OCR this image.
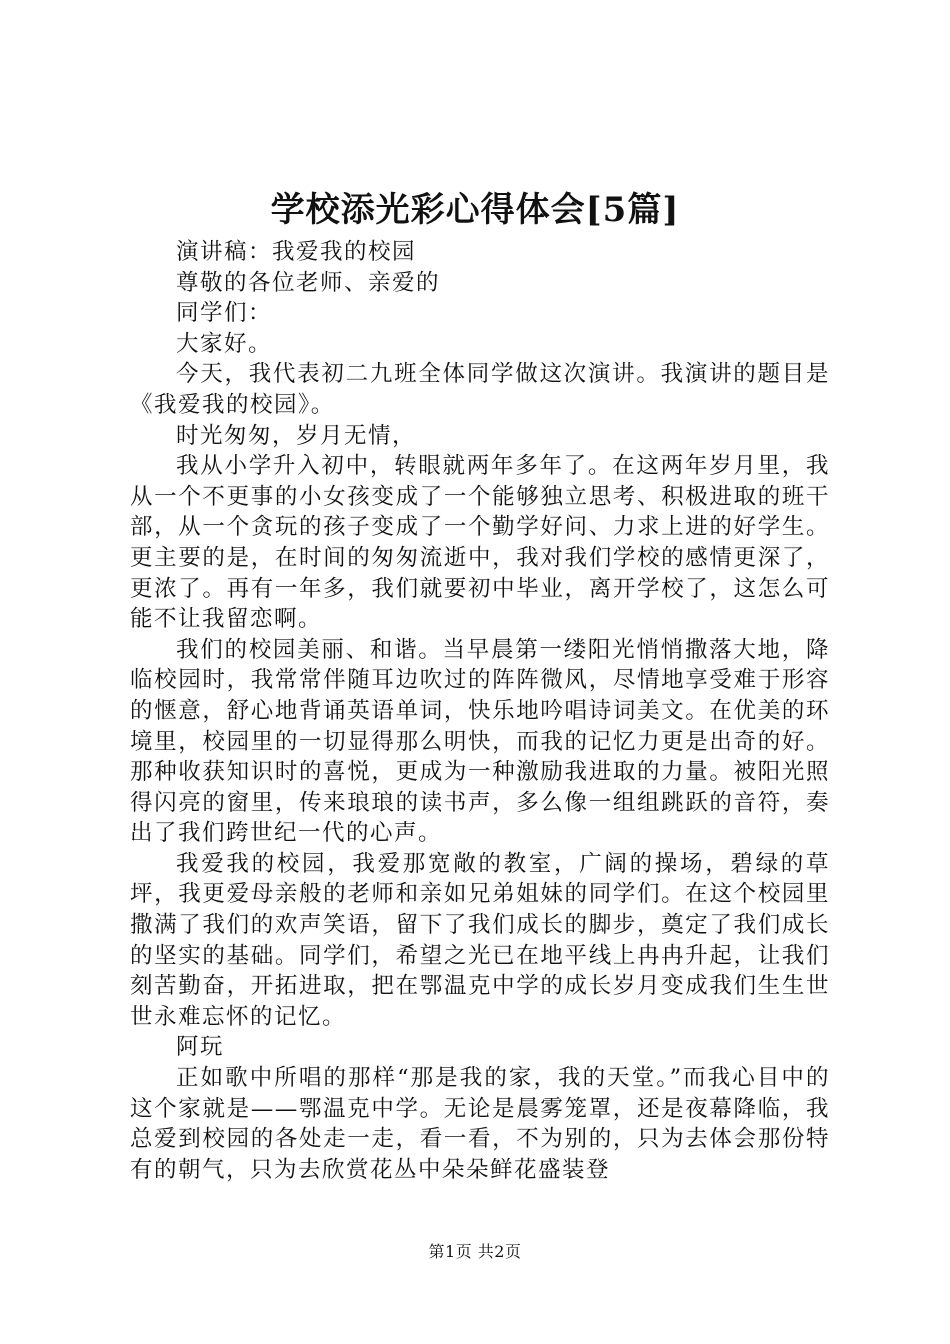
学校添光彩心得体会[5篇]

演讲稿：我爱我的校园

尊敬的各位老师、亲爱的

同学们：

大家好。

今天，我代表初二九班全体同学做这次演讲。我演讲的题目是《我爱我的校园》。

时光匆匆，岁月无情，

我从小学升入初中，转眼就两年多年了。在这两年岁月里，我从一个不更事的小女孩变成了一个能够独立思考、积极进取的班干部，从一个贪玩的孩子变成了一个勤学好问、力求上进的好学生。更主要的是，在时间的匆匆流逝中，我对我们学校的感情更深了，更浓了。再有一年多，我们就要初中毕业，离开学校了，这怎么可能不让我留恋啊。

我们的校园美丽、和谐。当早晨第一缕阳光悄悄撒落大地，降临校园时，我常常伴随耳边吹过的阵阵微风，尽情地享受难于形容的惬意，舒心地背诵英语单词，快乐地吟唱诗词美文。在优美的环境里，校园里的一切显得那么明快，而我的记忆力更是出奇的好。那种收获知识时的喜悦，更成为一种激励我进取的力量。被阳光照得闪亮的窗里，传来琅琅的读书声，多么像一组组跳跃的音符，奏出了我们跨世纪一代的心声。

我爱我的校园，我爱那宽敞的教室，广阔的操场，碧绿的草坪，我更爱母亲般的老师和亲如兄弟姐妹的同学们。在这个校园里撒满了我们的欢声笑语，留下了我们成长的脚步，奠定了我们成长的坚实的基础。同学们，希望之光已在地平线上冉冉升起，让我们刻苦勤奋，开拓进取，把在鄂温克中学的成长岁月变成我们生生世世永难忘怀的记忆。

阿玩

正如歌中所唱的那样“那是我的家，我的天堂。”而我心目中的这个家就是——鄂温克中学。无论是晨雾笼罩，还是夜幕降临，我总爱到校园的各处走一走，看一看，不为别的，只为去体会那份特有的朝气，只为去欣赏花丛中朵朵鲜花盛装登

第1页 共2页
